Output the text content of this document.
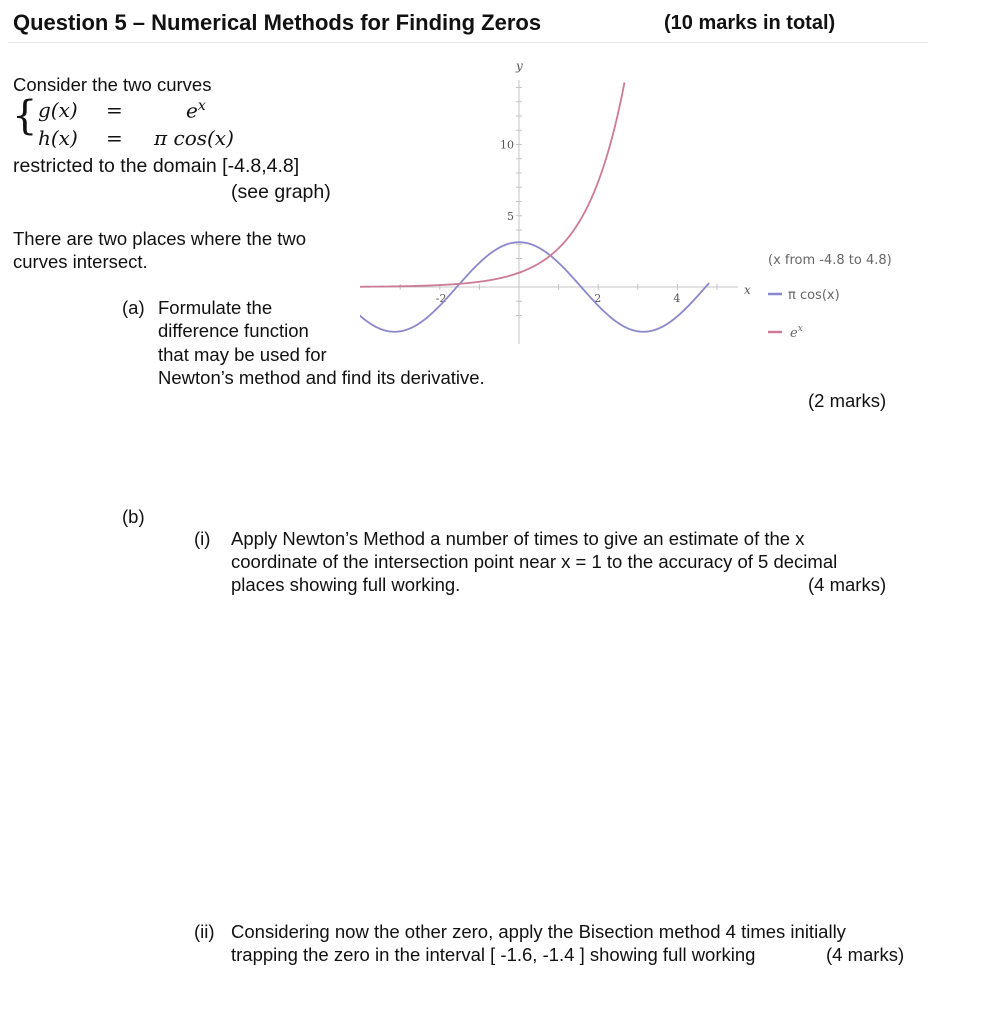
Question 5 – Numerical Methods for Finding Zeros	(10 marks in total)
Consider the two curves
{ g(x) =	$e^x$
h(x) = π cos(x)
restricted to the domain [-4.8,4.8]
(see graph)
There are two places where the two
curves intersect.
x
y
-2	2	4
5
10
(x from -4.8 to 4.8)
π cos(x)
$e^x$
(a) Formulate the
difference function
that may be used for
Newton’s method and find its derivative.
(2 marks)
(b)
(i) Apply Newton’s Method a number of times to give an estimate of the x
coordinate of the intersection point near x = 1 to the accuracy of 5 decimal
places showing full working.	(4 marks)
(ii) Considering now the other zero, apply the Bisection method 4 times initially
trapping the zero in the interval [ -1.6, -1.4 ] showing full working	(4 marks)
